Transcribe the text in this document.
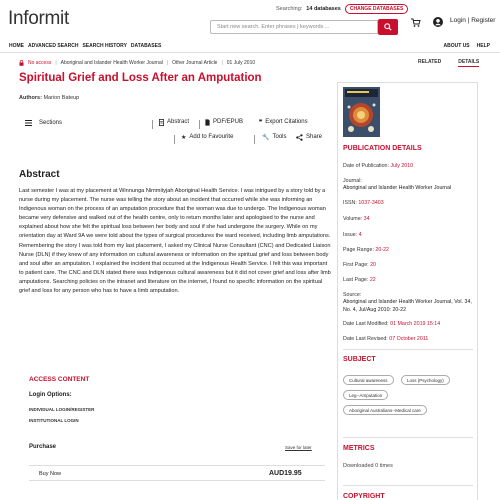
Informit	Searching: 14 databases	CHANGE DATABASES
Start new search. Enter phrases | keywords ...
Login | Register
HOME ADVANCED SEARCH SEARCH HISTORY DATABASES	ABOUT US HELP
No access | Aboriginal and Islander Health Worker Journal | Other Journal Article | 01 July 2010	RELATED	DETAILS
Spiritual Grief and Loss After an Amputation
Authors: Marion Bateup
Sections	Abstract	PDF/EPUB	❞ Export Citations
★ Add to Favourite	🔧 Tools	Share
Abstract
Last semester I was at my placement at Winnunga Nimmityjah Aboriginal Health Service. I was intrigued by a story told by a nurse during my placement. The nurse was telling the story about an incident that occurred while she was informing an Indigenous woman on the process of an amputation procedure that the woman was due to undergo. The Indigenous woman became very defensive and walked out of the health centre, only to return months later and apologised to the nurse and explained about how she felt the spiritual loss between her body and soul if she had undergone the surgery. While on my orientation day at Ward 9A we were told about the types of surgical procedures the ward received, including limb amputations. Remembering the story I was told from my last placement, I asked my Clinical Nurse Consultant (CNC) and Dedicated Liaison Nurse (DLN) if they knew of any information on cultural awareness or information on the spiritual grief and loss between body and soul after an amputation. I explained the incident that occurred at the Indigenous Health Service. I felt this was important to patient care. The CNC and DLN stated there was Indigenous cultural awareness but it did not cover grief and loss after limb amputations. Searching policies on the intranet and literature on the internet, I found no specific information on the spiritual grief and loss for any person who has to have a limb amputation.
ACCESS CONTENT
Login Options:
INDIVIDUAL LOGIN/REGISTER
INSTITUTIONAL LOGIN
Purchase	Save for later
Buy Now	AUD19.95
PUBLICATION DETAILS
Date of Publication: July 2010
Journal:
Aboriginal and Islander Health Worker Journal
ISSN: 1037-3403
Volume: 34
Issue: 4
Page Range: 20-22
First Page: 20
Last Page: 22
Source:
Aboriginal and Islander Health Worker Journal, Vol. 34, No. 4, Jul/Aug 2010: 20-22
Date Last Modified: 01 March 2019 15:14
Date Last Revised: 07 October 2011
SUBJECT
Cultural awareness	Loss (Psychology)
Leg--Amputation
Aboriginal Australians--Medical care
METRICS
Downloaded 0 times
COPYRIGHT
